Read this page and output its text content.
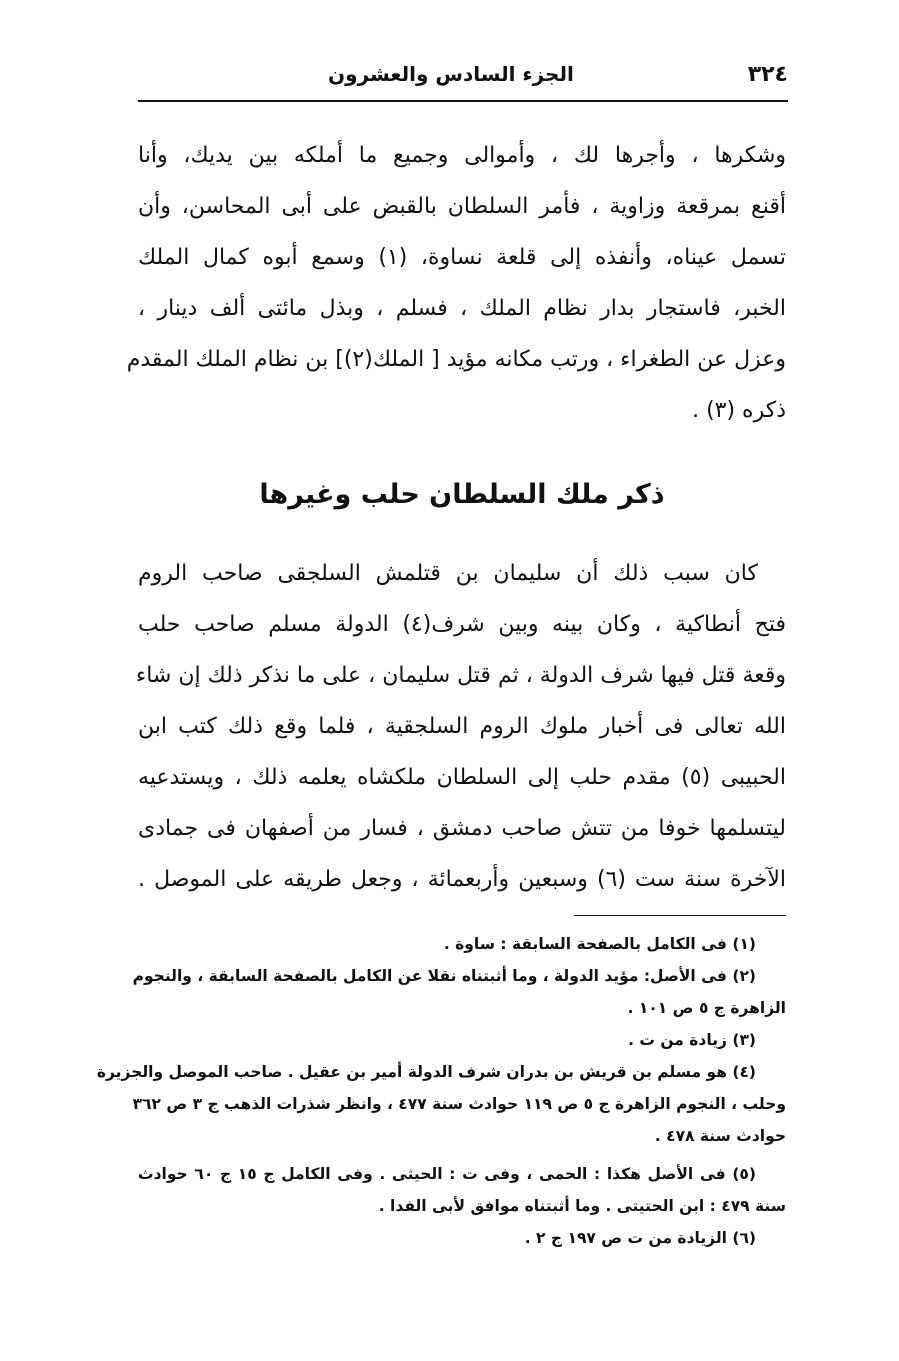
٣٢٤
الجزء السادس والعشرون
وشكرها ، وأجرها لك ، وأموالى وجميع ما أملكه بين يديك، وأنا
أقنع بمرقعة وزاوية ، فأمر السلطان بالقبض على أبى المحاسن، وأن
تسمل عيناه، وأنفذه إلى قلعة نساوة، (١) وسمع أبوه كمال الملك
الخبر، فاستجار بدار نظام الملك ، فسلم ، وبذل مائتى ألف دينار ،
وعزل عن الطغراء ، ورتب مكانه مؤيد [ الملك(٢)] بن نظام الملك المقدم
ذكره (٣) .
ذكر ملك السلطان حلب وغيرها
كان سبب ذلك أن سليمان بن قتلمش السلجقى صاحب الروم
فتح أنطاكية ، وكان بينه وبين شرف(٤) الدولة مسلم صاحب حلب
وقعة قتل فيها شرف الدولة ، ثم قتل سليمان ، على ما نذكر ذلك إن شاء
الله تعالى فى أخبار ملوك الروم السلجقية ، فلما وقع ذلك كتب ابن
الحبيبى (٥) مقدم حلب إلى السلطان ملكشاه يعلمه ذلك ، ويستدعيه
ليتسلمها خوفا من تتش صاحب دمشق ، فسار من أصفهان فى جمادى
الآخرة سنة ست (٦) وسبعين وأربعمائة ، وجعل طريقه على الموصل .
(١) فى الكامل بالصفحة السابقة : ساوة .
(٢) فى الأصل: مؤيد الدولة ، وما أثبتناه نقلا عن الكامل بالصفحة السابقة ، والنجوم
الزاهرة ج ٥ ص ١٠١ .
(٣) زيادة من ت .
(٤) هو مسلم بن قريش بن بدران شرف الدولة أمير بن عقيل . صاحب الموصل والجزيرة
وحلب ، النجوم الزاهرة ج ٥ ص ١١٩ حوادث سنة ٤٧٧ ، وانظر شذرات الذهب ج ٣ ص ٣٦٢
حوادث سنة ٤٧٨ .
(٥) فى الأصل هكذا : الحمى ، وفى ت : الحيثى . وفى الكامل ج ١٥ ج ٦٠ حوادث
سنة ٤٧٩ : ابن الحتيتى . وما أثبتناه موافق لأبى الفدا .
(٦) الزيادة من ت ص ١٩٧ ج ٢ .
